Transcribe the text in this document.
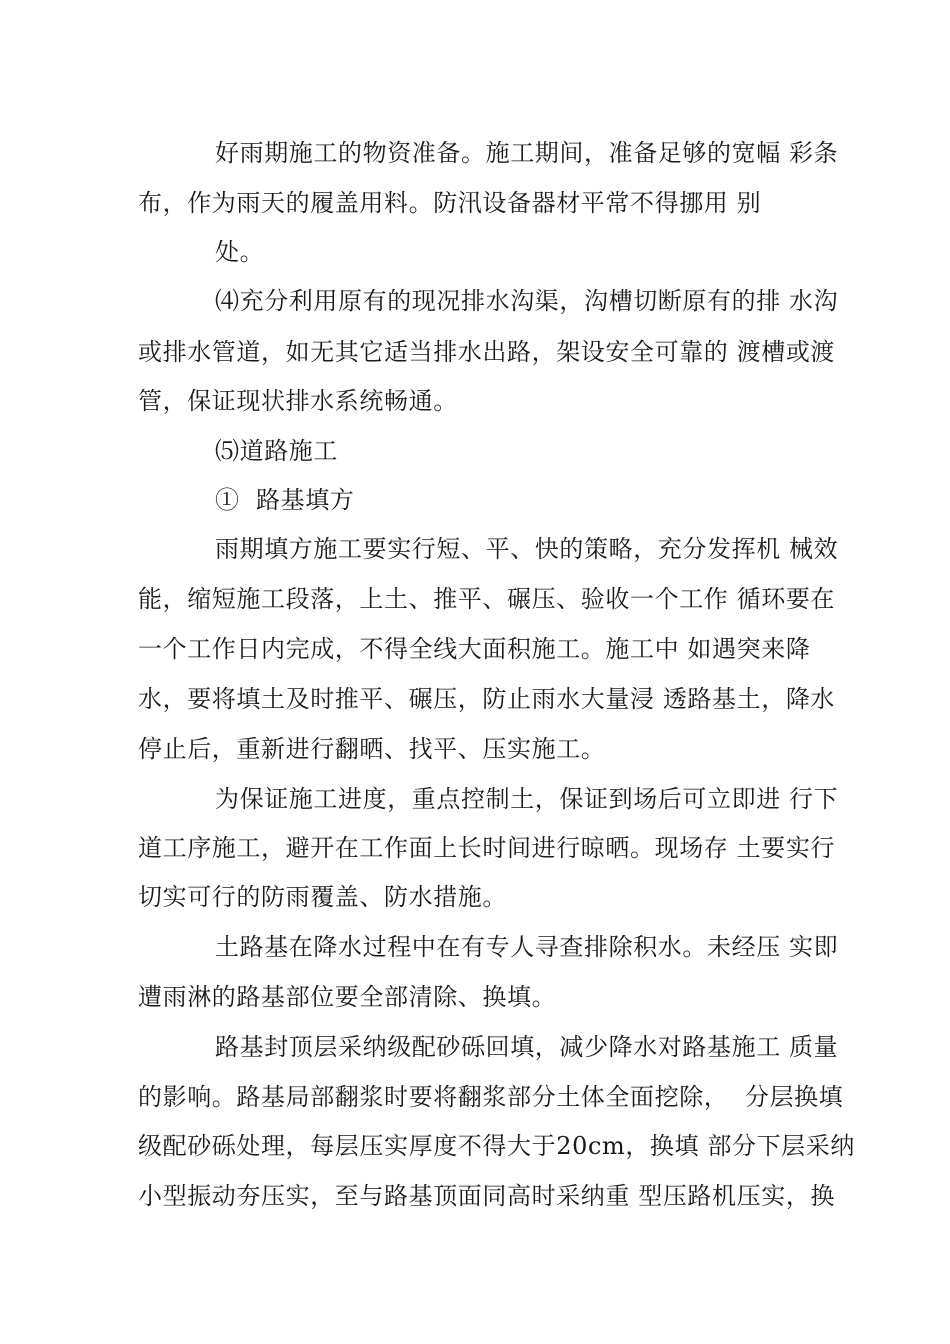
好雨期施工的物资准备。施工期间，准备足够的宽幅 彩条
布，作为雨天的履盖用料。防汛设备器材平常不得挪用 别
处。
⑷充分利用原有的现况排水沟渠，沟槽切断原有的排 水沟
或排水管道，如无其它适当排水出路，架设安全可靠的 渡槽或渡
管，保证现状排水系统畅通。
⑸道路施工
①  路基填方
雨期填方施工要实行短、平、快的策略，充分发挥机 械效
能，缩短施工段落，上土、推平、碾压、验收一个工作 循环要在
一个工作日内完成，不得全线大面积施工。施工中 如遇突来降
水，要将填土及时推平、碾压，防止雨水大量浸 透路基土，降水
停止后，重新进行翻晒、找平、压实施工。
为保证施工进度，重点控制土，保证到场后可立即进 行下
道工序施工，避开在工作面上长时间进行晾晒。现场存 土要实行
切实可行的防雨覆盖、防水措施。
土路基在降水过程中在有专人寻查排除积水。未经压 实即
遭雨淋的路基部位要全部清除、换填。
路基封顶层采纳级配砂砾回填，减少降水对路基施工 质量
的影响。路基局部翻浆时要将翻浆部分土体全面挖除，  分层换填
级配砂砾处理，每层压实厚度不得大于20cm，换填 部分下层采纳
小型振动夯压实，至与路基顶面同高时采纳重 型压路机压实，换
